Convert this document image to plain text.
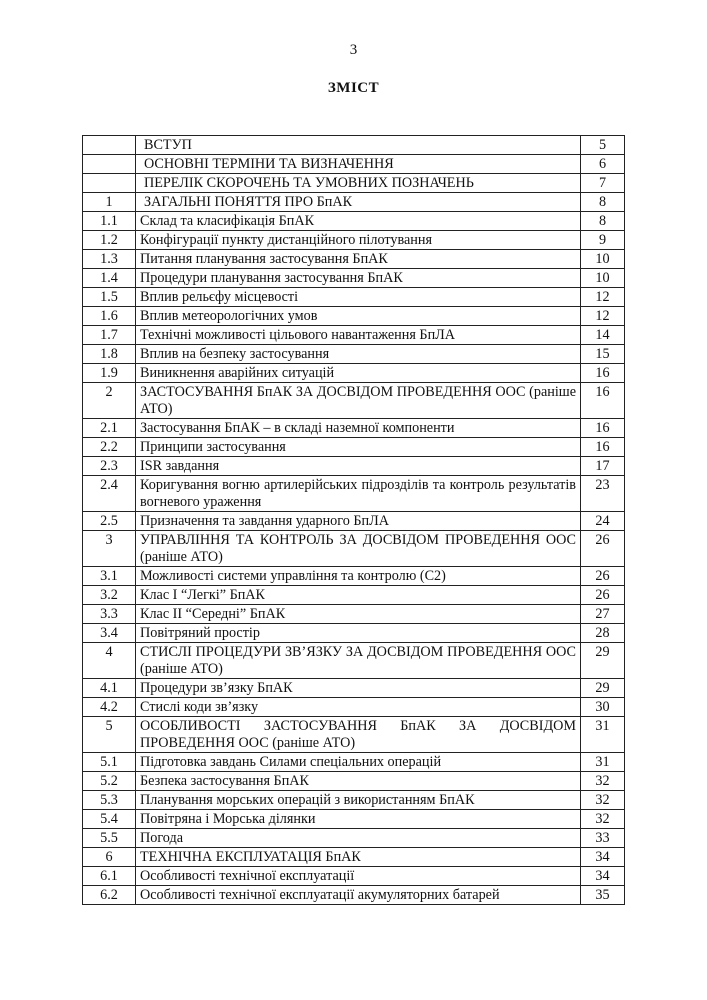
3
ЗМІСТ
	ВСТУП	5
	ОСНОВНІ ТЕРМІНИ ТА ВИЗНАЧЕННЯ	6
	ПЕРЕЛІК СКОРОЧЕНЬ ТА УМОВНИХ ПОЗНАЧЕНЬ	7
1	ЗАГАЛЬНІ ПОНЯТТЯ ПРО БпАК	8
1.1	Склад та класифікація БпАК	8
1.2	Конфігурації пункту дистанційного пілотування	9
1.3	Питання планування застосування БпАК	10
1.4	Процедури планування застосування БпАК	10
1.5	Вплив рельєфу місцевості	12
1.6	Вплив метеорологічних умов	12
1.7	Технічні можливості цільового навантаження БпЛА	14
1.8	Вплив на безпеку застосування	15
1.9	Виникнення аварійних ситуацій	16
2	ЗАСТОСУВАННЯ БпАК ЗА ДОСВІДОМ ПРОВЕДЕННЯ ООС (раніше АТО)	16
2.1	Застосування БпАК – в складі наземної компоненти	16
2.2	Принципи застосування	16
2.3	ISR завдання	17
2.4	Коригування вогню артилерійських підрозділів та контроль результатів вогневого ураження	23
2.5	Призначення та завдання ударного БпЛА	24
3	УПРАВЛІННЯ ТА КОНТРОЛЬ ЗА ДОСВІДОМ ПРОВЕДЕННЯ ООС (раніше АТО)	26
3.1	Можливості системи управління та контролю (С2)	26
3.2	Клас I “Легкі” БпАК	26
3.3	Клас II “Середні” БпАК	27
3.4	Повітряний простір	28
4	СТИСЛІ ПРОЦЕДУРИ ЗВ’ЯЗКУ ЗА ДОСВІДОМ ПРОВЕДЕННЯ ООС (раніше АТО)	29
4.1	Процедури зв’язку БпАК	29
4.2	Стислі коди зв’язку	30
5	ОСОБЛИВОСТІ ЗАСТОСУВАННЯ БпАК ЗА ДОСВІДОМ ПРОВЕДЕННЯ ООС (раніше АТО)	31
5.1	Підготовка завдань Силами спеціальних операцій	31
5.2	Безпека застосування БпАК	32
5.3	Планування морських операцій з використанням БпАК	32
5.4	Повітряна і Морська ділянки	32
5.5	Погода	33
6	ТЕХНІЧНА ЕКСПЛУАТАЦІЯ БпАК	34
6.1	Особливості технічної експлуатації	34
6.2	Особливості технічної експлуатації акумуляторних батарей	35
